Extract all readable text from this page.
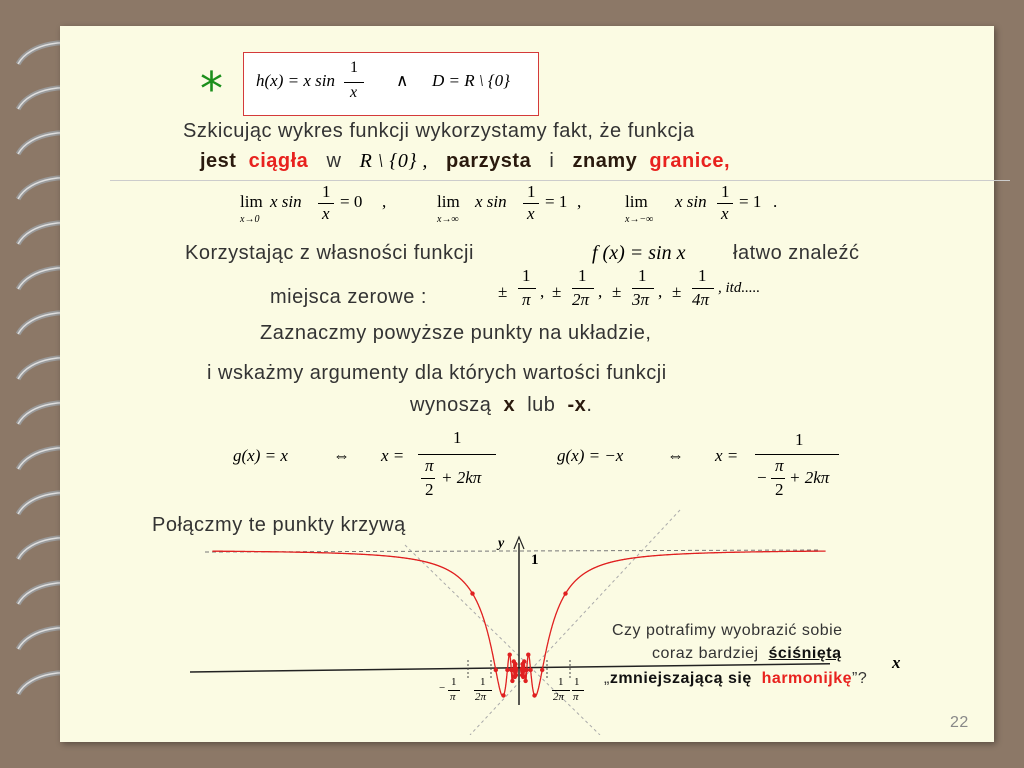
* h(x) = x sin
1
x
∧ D = R \ {0}
Szkicując wykres funkcji wykorzystamy fakt, że funkcja
jest ciągła w R \ {0} , parzysta i znamy granice,
lim
x→0
x sin
1
x
= 0 ,	lim
x→∞
x sin
1
x
= 1 ,	lim
x→−∞
x sin
1
x
= 1 .
Korzystając z własności funkcji	f (x) = sin x łatwo znaleźć
miejsca zerowe :	±
1
π , ±
1
2π , ±
1
3π , ±
1
4π
, itd.....
Zaznaczmy powyższe punkty na układzie,
i wskażmy argumenty dla których wartości funkcji
wynoszą x lub -x.
g(x) = x	⇔ x =
1
π
2
+ 2kπ
g(x) = −x	⇔ x =
1
−
π
2
+ 2kπ
Połączmy te punkty krzywą
y
1
x
− 1
π
1
2π
1
2π
1
π
Czy potrafimy wyobrazić sobie
coraz bardziej ściśniętą
„zmniejszającą się harmonijkę”?
22
